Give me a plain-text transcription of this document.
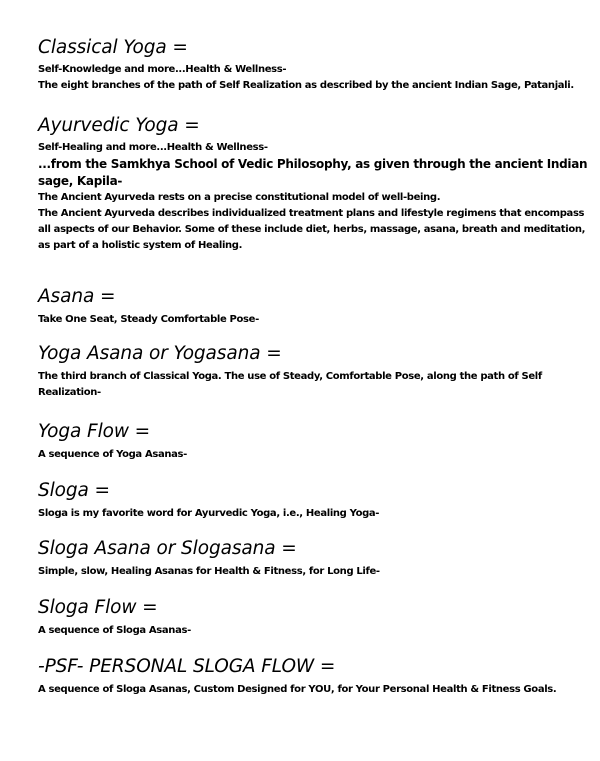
Classical Yoga =

Self-Knowledge and more...Health & Wellness-

The eight branches of the path of Self Realization as described by the ancient Indian Sage, Patanjali.

Ayurvedic Yoga =

Self-Healing and more...Health & Wellness-

...from the Samkhya School of Vedic Philosophy, as given through the ancient Indian sage, Kapila-

The Ancient Ayurveda rests on a precise constitutional model of well-being.

The Ancient Ayurveda describes individualized treatment plans and lifestyle regimens that encompass all aspects of our Behavior. Some of these include diet, herbs, massage, asana, breath and meditation, as part of a holistic system of Healing.

Asana =

Take One Seat, Steady Comfortable Pose-

Yoga Asana or Yogasana =

The third branch of Classical Yoga. The use of Steady, Comfortable Pose, along the path of Self Realization-

Yoga Flow =

A sequence of Yoga Asanas-

Sloga =

Sloga is my favorite word for Ayurvedic Yoga, i.e., Healing Yoga-

Sloga Asana or Slogasana =

Simple, slow, Healing Asanas for Health & Fitness, for Long Life-

Sloga Flow =

A sequence of Sloga Asanas-

-PSF- PERSONAL SLOGA FLOW =

A sequence of Sloga Asanas, Custom Designed for YOU, for Your Personal Health & Fitness Goals.
